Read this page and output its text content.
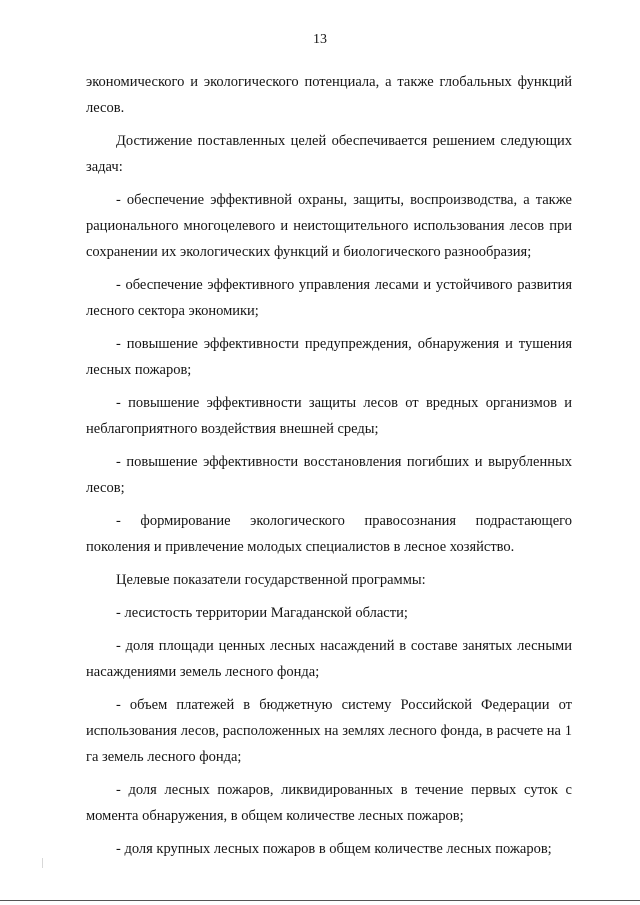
13

экономического и экологического потенциала, а также глобальных функций лесов.

Достижение поставленных целей обеспечивается решением следующих задач:

- обеспечение эффективной охраны, защиты, воспроизводства, а также рационального многоцелевого и неистощительного использования лесов при сохранении их экологических функций и биологического разнообразия;

- обеспечение эффективного управления лесами и устойчивого развития лесного сектора экономики;

- повышение эффективности предупреждения, обнаружения и тушения лесных пожаров;

- повышение эффективности защиты лесов от вредных организмов и неблагоприятного воздействия внешней среды;

- повышение эффективности восстановления погибших и вырубленных лесов;

- формирование экологического правосознания подрастающего поколения и привлечение молодых специалистов в лесное хозяйство.

Целевые показатели государственной программы:

- лесистость территории Магаданской области;

- доля площади ценных лесных насаждений в составе занятых лесными насаждениями земель лесного фонда;

- объем платежей в бюджетную систему Российской Федерации от использования лесов, расположенных на землях лесного фонда, в расчете на 1 га земель лесного фонда;

- доля лесных пожаров, ликвидированных в течение первых суток с момента обнаружения, в общем количестве лесных пожаров;

- доля крупных лесных пожаров в общем количестве лесных пожаров;
